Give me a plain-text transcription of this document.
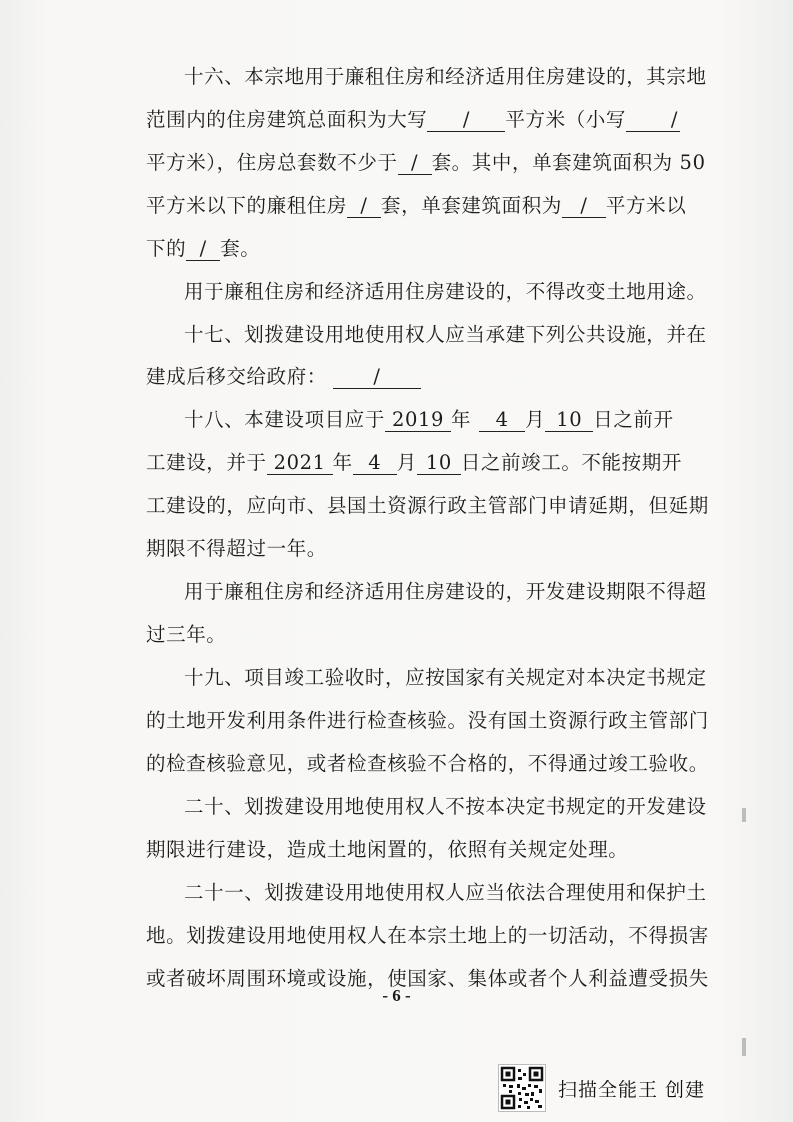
十六、本宗地用于廉租住房和经济适用住房建设的，其宗地
范围内的住房建筑总面积为大写 / 平方米（小写 /
平方米），住房总套数不少于 / 套。其中，单套建筑面积为 50
平方米以下的廉租住房 / 套，单套建筑面积为 / 平方米以
下的 / 套。
用于廉租住房和经济适用住房建设的，不得改变土地用途。
十七、划拨建设用地使用权人应当承建下列公共设施，并在
建成后移交给政府： /
十八、本建设项目应于 2019 年 4 月 10 日之前开
工建设，并于 2021 年 4 月 10 日之前竣工。不能按期开
工建设的，应向市、县国土资源行政主管部门申请延期，但延期
期限不得超过一年。
用于廉租住房和经济适用住房建设的，开发建设期限不得超
过三年。
十九、项目竣工验收时，应按国家有关规定对本决定书规定
的土地开发利用条件进行检查核验。没有国土资源行政主管部门
的检查核验意见，或者检查核验不合格的，不得通过竣工验收。
二十、划拨建设用地使用权人不按本决定书规定的开发建设
期限进行建设，造成土地闲置的，依照有关规定处理。
二十一、划拨建设用地使用权人应当依法合理使用和保护土
地。划拨建设用地使用权人在本宗土地上的一切活动，不得损害
或者破坏周围环境或设施，使国家、集体或者个人利益遭受损失
- 6 -
扫描全能王 创建
